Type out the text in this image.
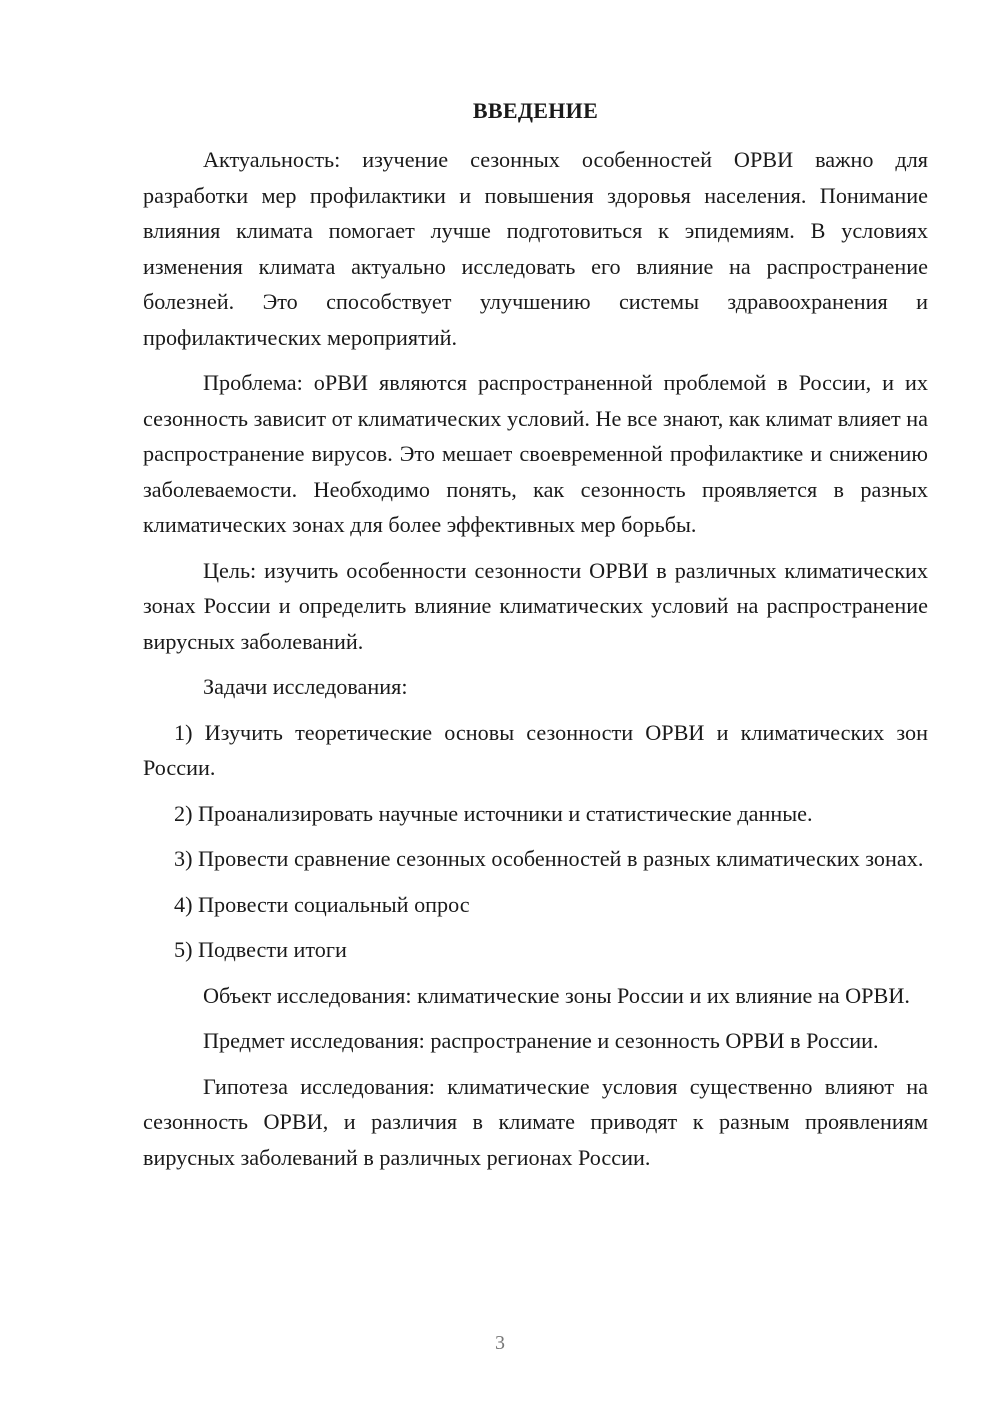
ВВЕДЕНИЕ

Актуальность: изучение сезонных особенностей ОРВИ важно для разработки мер профилактики и повышения здоровья населения. Понимание влияния климата помогает лучше подготовиться к эпидемиям. В условиях изменения климата актуально исследовать его влияние на распространение болезней. Это способствует улучшению системы здравоохранения и профилактических мероприятий.

Проблема: оРВИ являются распространенной проблемой в России, и их сезонность зависит от климатических условий. Не все знают, как климат влияет на распространение вирусов. Это мешает своевременной профилактике и снижению заболеваемости. Необходимо понять, как сезонность проявляется в разных климатических зонах для более эффективных мер борьбы.

Цель: изучить особенности сезонности ОРВИ в различных климатических зонах России и определить влияние климатических условий на распространение вирусных заболеваний.

Задачи исследования:

1) Изучить теоретические основы сезонности ОРВИ и климатических зон России.

2) Проанализировать научные источники и статистические данные.

3) Провести сравнение сезонных особенностей в разных климатических зонах.

4) Провести социальный опрос

5) Подвести итоги

Объект исследования: климатические зоны России и их влияние на ОРВИ.

Предмет исследования: распространение и сезонность ОРВИ в России.

Гипотеза исследования: климатические условия существенно влияют на сезонность ОРВИ, и различия в климате приводят к разным проявлениям вирусных заболеваний в различных регионах России.

3
